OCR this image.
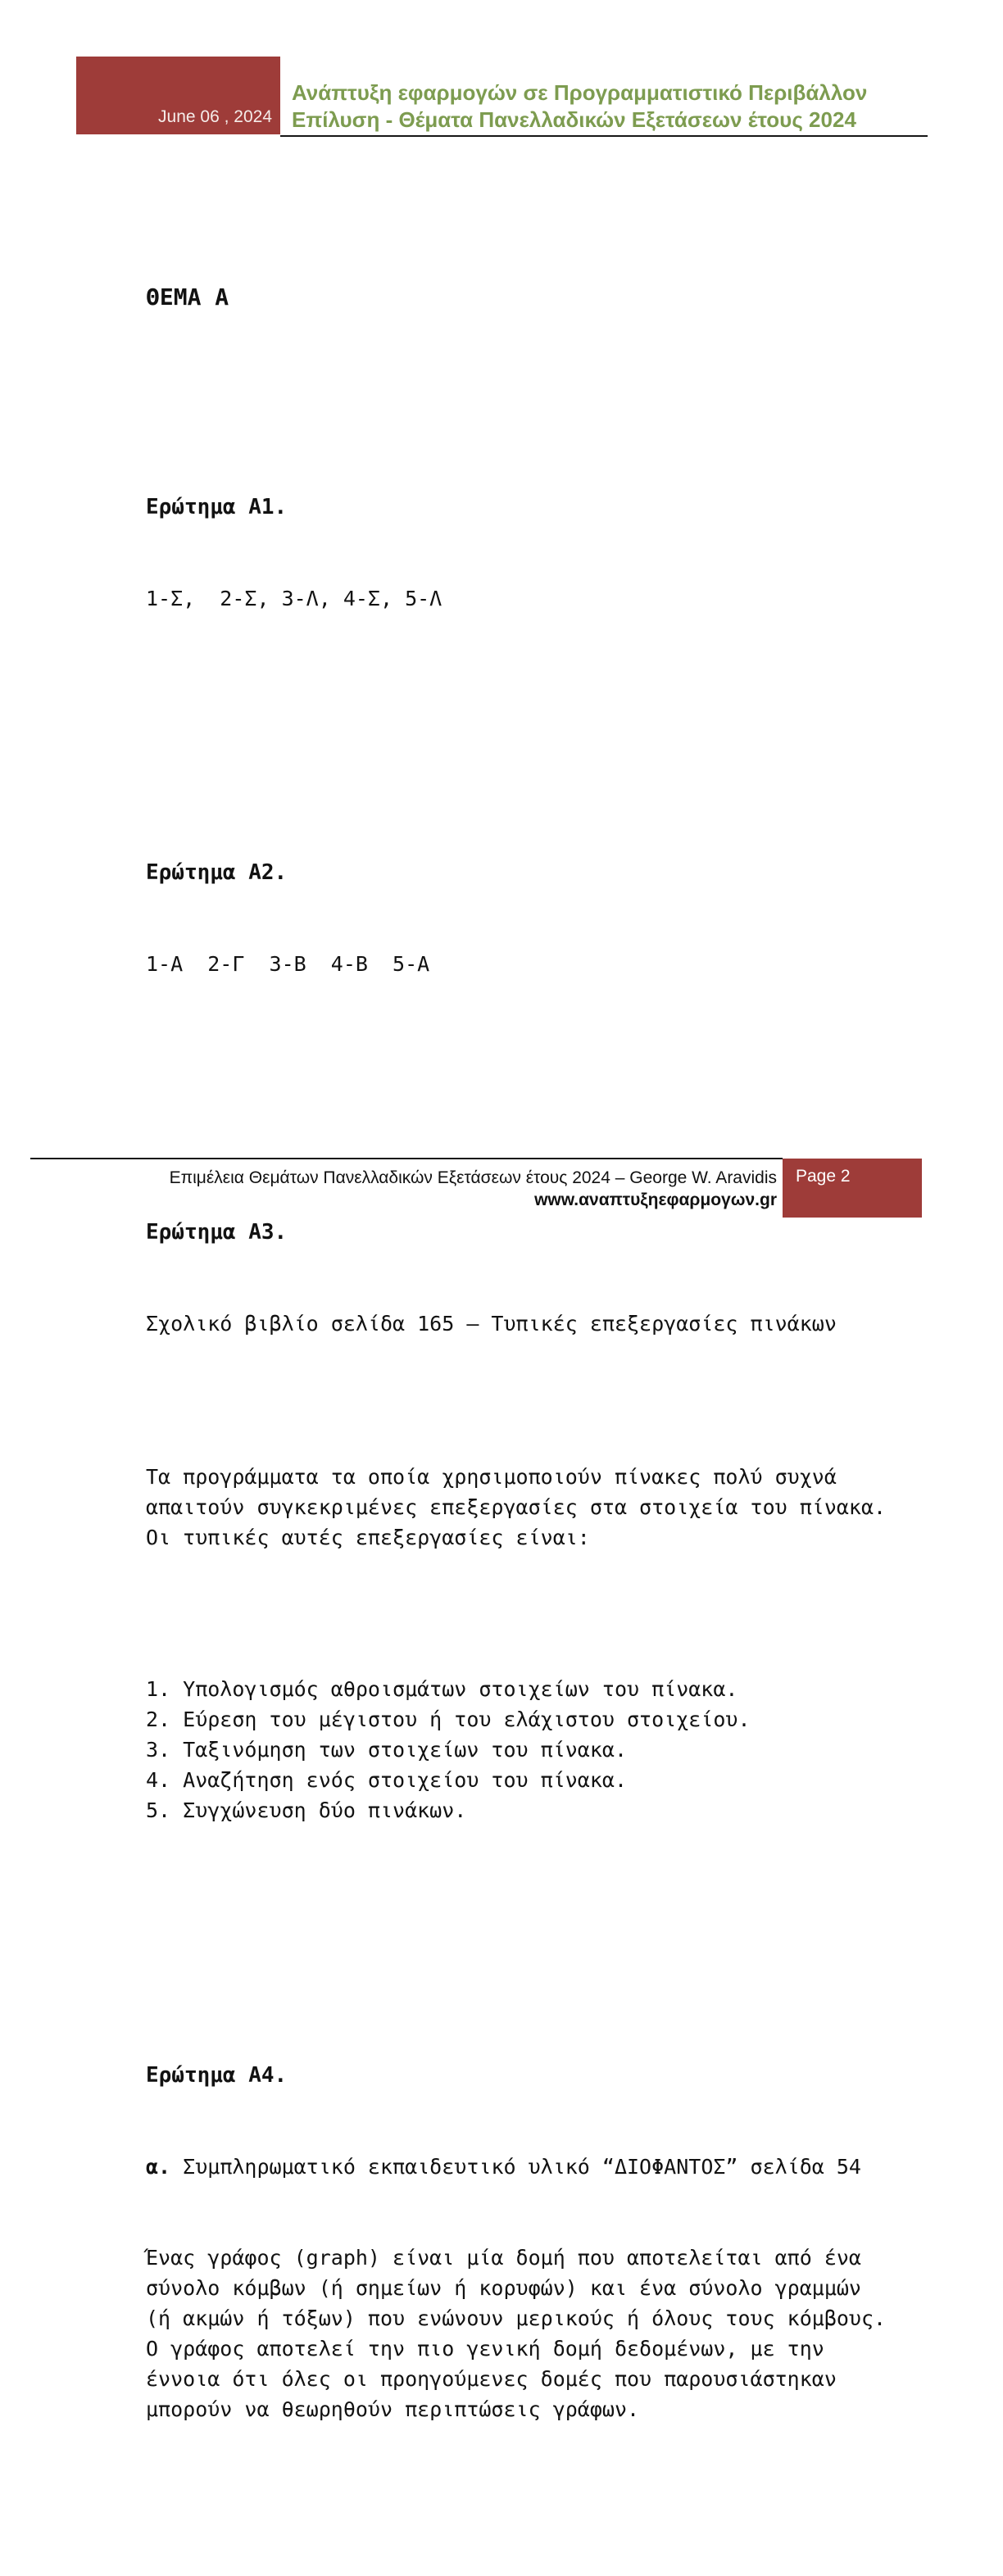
June 06 , 2024
Ανάπτυξη εφαρμογών σε Προγραμματιστικό Περιβάλλον
Επίλυση - Θέματα Πανελλαδικών Εξετάσεων έτους 2024

ΘΕΜΑ Α

Ερώτημα Α1.

1-Σ,  2-Σ, 3-Λ, 4-Σ, 5-Λ

Ερώτημα Α2.

1-Α  2-Γ  3-Β  4-Β  5-Α

Ερώτημα Α3.

Σχολικό βιβλίο σελίδα 165 – Τυπικές επεξεργασίες πινάκων

Τα προγράμματα τα οποία χρησιμοποιούν πίνακες πολύ συχνά

απαιτούν συγκεκριμένες επεξεργασίες στα στοιχεία του πίνακα.

Οι τυπικές αυτές επεξεργασίες είναι:

1. Υπολογισμός αθροισμάτων στοιχείων του πίνακα.

2. Εύρεση του μέγιστου ή του ελάχιστου στοιχείου.

3. Ταξινόμηση των στοιχείων του πίνακα.

4. Αναζήτηση ενός στοιχείου του πίνακα.

5. Συγχώνευση δύο πινάκων.

Ερώτημα Α4.

α. Συμπληρωματικό εκπαιδευτικό υλικό “ΔΙΟΦΑΝΤΟΣ” σελίδα 54

Ένας γράφος (graph) είναι μία δομή που αποτελείται από ένα

σύνολο κόμβων (ή σημείων ή κορυφών) και ένα σύνολο γραμμών

(ή ακμών ή τόξων) που ενώνουν μερικούς ή όλους τους κόμβους.

Ο γράφος αποτελεί την πιο γενική δομή δεδομένων, με την

έννοια ότι όλες οι προηγούμενες δομές που παρουσιάστηκαν

μπορούν να θεωρηθούν περιπτώσεις γράφων.

Επιμέλεια Θεμάτων Πανελλαδικών Εξετάσεων έτους 2024 – George W. Aravidis
www.αναπτυξηεφαρμογων.gr
Page 2
